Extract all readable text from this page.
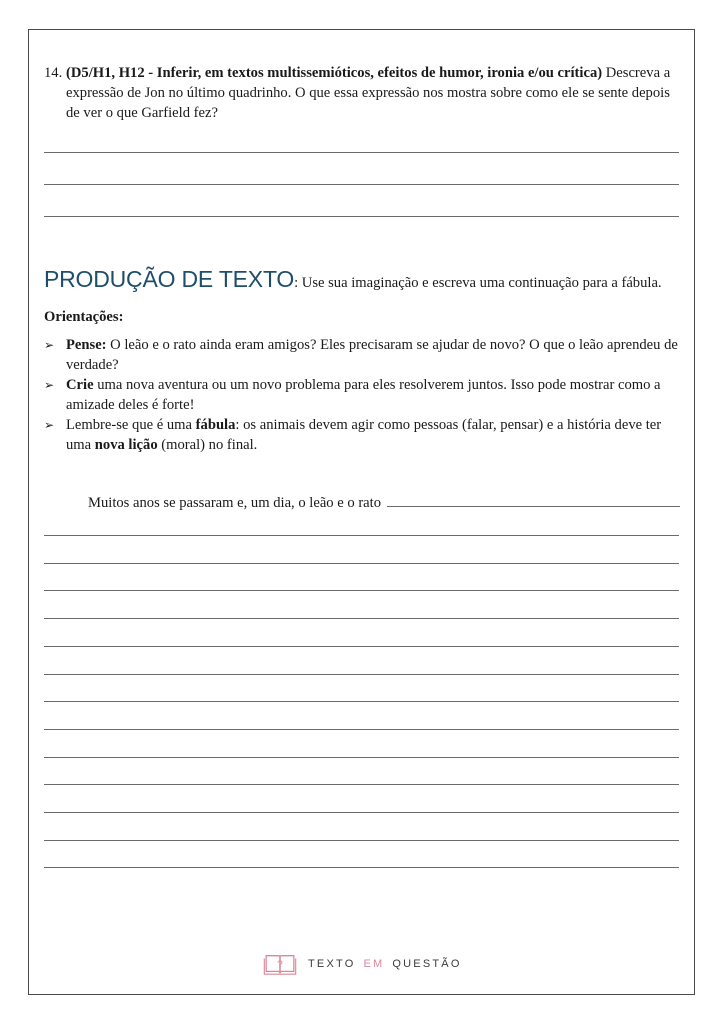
14. (D5/H1, H12 - Inferir, em textos multissemióticos, efeitos de humor, ironia e/ou crítica) Descreva a expressão de Jon no último quadrinho. O que essa expressão nos mostra sobre como ele se sente depois de ver o que Garfield fez?
PRODUÇÃO DE TEXTO: Use sua imaginação e escreva uma continuação para a fábula.
Orientações:
➢ Pense: O leão e o rato ainda eram amigos? Eles precisaram se ajudar de novo? O que o leão aprendeu de verdade?
➢ Crie uma nova aventura ou um novo problema para eles resolverem juntos. Isso pode mostrar como a amizade deles é forte!
➢ Lembre-se que é uma fábula: os animais devem agir como pessoas (falar, pensar) e a história deve ter uma nova lição (moral) no final.
Muitos anos se passaram e, um dia, o leão e o rato
? TEXTO EM QUESTÃO
